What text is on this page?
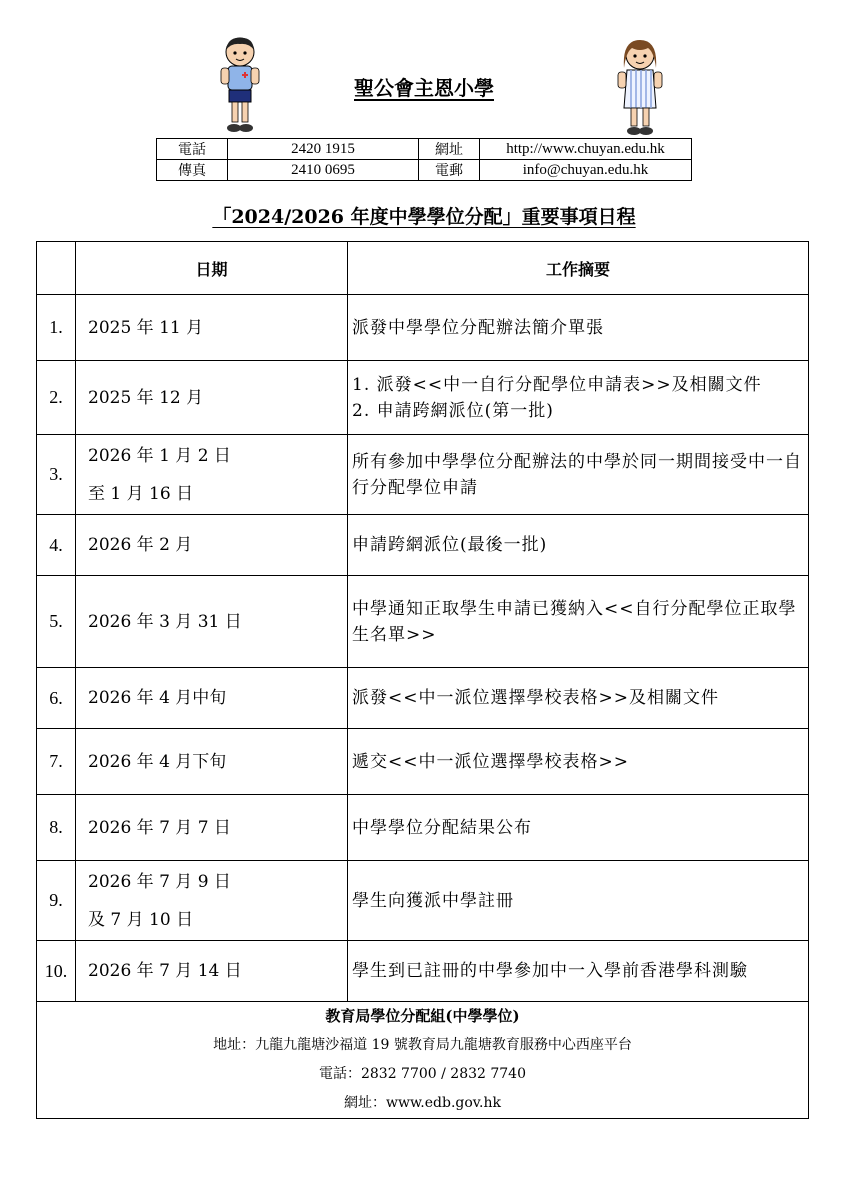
聖公會主恩小學
電話	2420 1915	網址	http://www.chuyan.edu.hk
傳真	2410 0695	電郵	info@chuyan.edu.hk
「2024/2026 年度中學學位分配」重要事項日程
	日期	工作摘要
1.	2025 年 11 月	派發中學學位分配辦法簡介單張

2.	2025 年 12 月	1. 派發<<中一自行分配學位申請表>>及相關文件
2. 申請跨網派位(第一批)

3.	2026 年 1 月 2 日
至 1 月 16 日	所有參加中學學位分配辦法的中學於同一期間接受中一自行分配學位申請

4.	2026 年 2 月	申請跨網派位(最後一批)

5.	2026 年 3 月 31 日	中學通知正取學生申請已獲納入<<自行分配學位正取學生名單>>

6.	2026 年 4 月中旬	派發<<中一派位選擇學校表格>>及相關文件

7.	2026 年 4 月下旬	遞交<<中一派位選擇學校表格>>

8.	2026 年 7 月 7 日	中學學位分配結果公布

9.	2026 年 7 月 9 日
及 7 月 10 日	學生向獲派中學註冊

10.	2026 年 7 月 14 日	學生到已註冊的中學參加中一入學前香港學科測驗

教育局學位分配組(中學學位)
地址：九龍九龍塘沙福道 19 號教育局九龍塘教育服務中心西座平台
電話：2832 7700 / 2832 7740
網址：www.edb.gov.hk		
